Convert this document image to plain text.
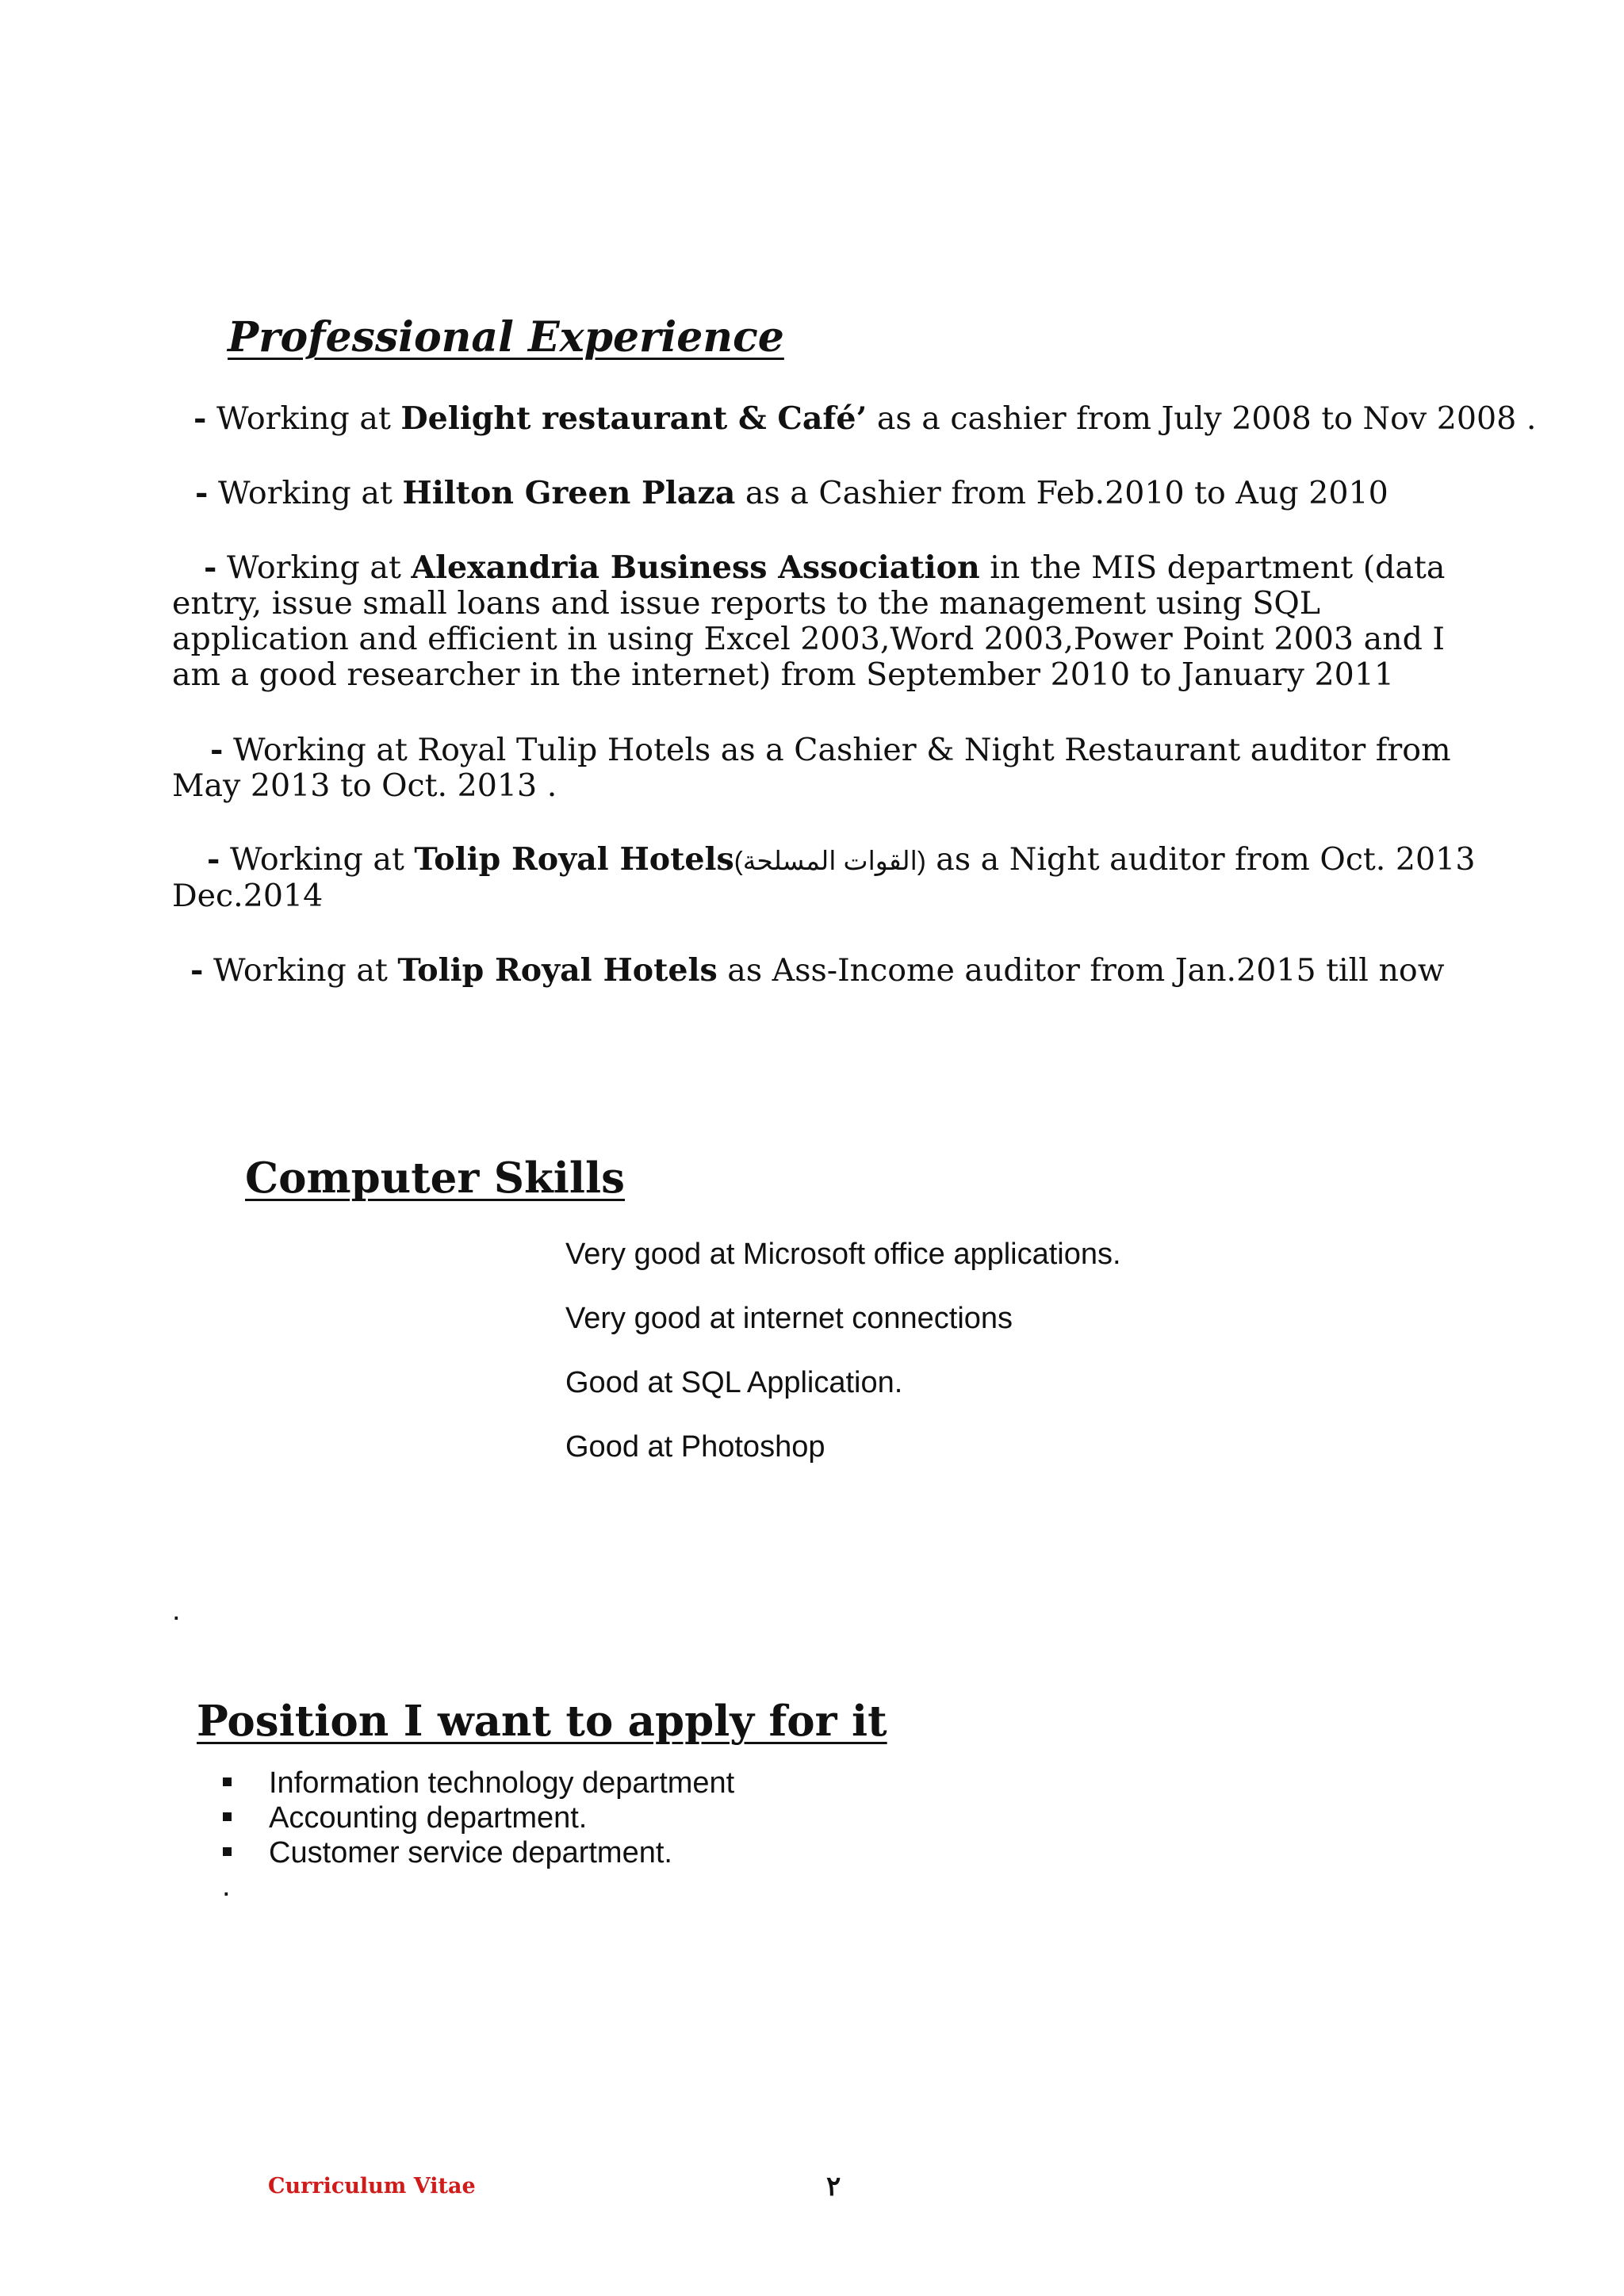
Professional Experience
- Working at Delight restaurant & Café’ as a cashier from July 2008 to Nov 2008 .
- Working at Hilton Green Plaza as a Cashier from Feb.2010 to Aug 2010
- Working at Alexandria Business Association in the MIS department (data entry, issue small loans and issue reports to the management using SQL application and efficient in using Excel 2003,Word 2003,Power Point 2003 and I am a good researcher in the internet) from September 2010 to January 2011
- Working at Royal Tulip Hotels as a Cashier & Night Restaurant auditor from May 2013 to Oct. 2013 .
- Working at Tolip Royal Hotels(القوات المسلحة) as a Night auditor from Oct. 2013 Dec.2014
- Working at Tolip Royal Hotels as Ass-Income auditor from Jan.2015 till now
Computer Skills
Very good at Microsoft office applications.
Very good at internet connections
Good at SQL Application.
Good at Photoshop
.
Position I want to apply for it
Information technology department
Accounting department.
Customer service department.
.
Curriculum Vitae	٢
